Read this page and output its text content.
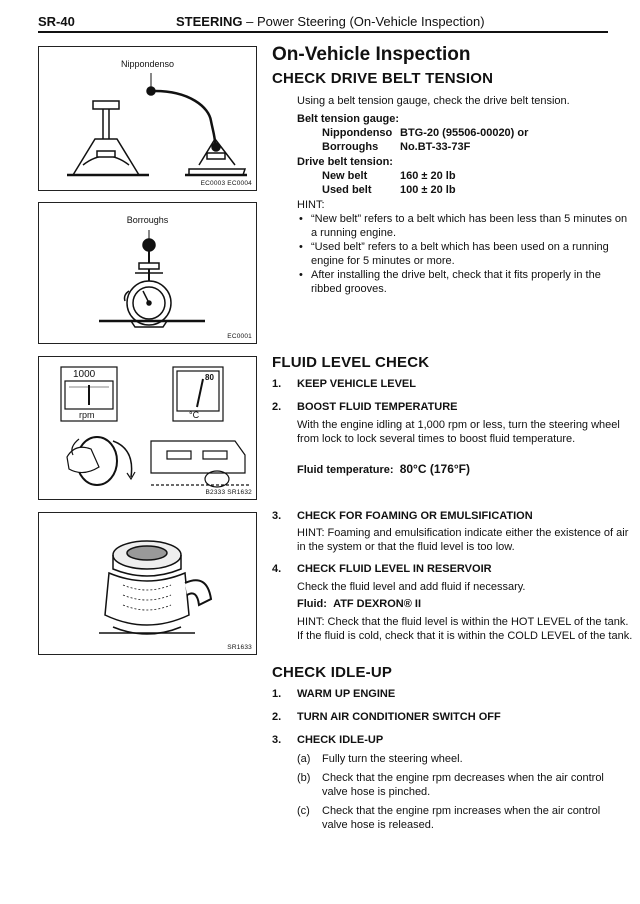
SR-40	STEERING – Power Steering (On-Vehicle Inspection)
Nippondenso
EC0003 EC0004
Borroughs
EC0001
1000
rpm
80
°C
B2333 SR1632
SR1633
On-Vehicle Inspection
CHECK DRIVE BELT TENSION
Using a belt tension gauge, check the drive belt tension.
Belt tension gauge:
Nippondenso	BTG-20 (95506-00020) or
Borroughs	No.BT-33-73F
Drive belt tension:
New belt	160 ± 20 lb
Used belt	100 ± 20 lb
HINT:
• “New belt” refers to a belt which has been less than 5 minutes on a running engine.
• “Used belt” refers to a belt which has been used on a running engine for 5 minutes or more.
• After installing the drive belt, check that it fits properly in the ribbed grooves.
FLUID LEVEL CHECK
1. KEEP VEHICLE LEVEL
2. BOOST FLUID TEMPERATURE
With the engine idling at 1,000 rpm or less, turn the steering wheel from lock to lock several times to boost fluid temperature.
Fluid temperature: 80°C (176°F)
3. CHECK FOR FOAMING OR EMULSIFICATION
HINT: Foaming and emulsification indicate either the existence of air in the system or that the fluid level is too low.
4. CHECK FLUID LEVEL IN RESERVOIR
Check the fluid level and add fluid if necessary.
Fluid: ATF DEXRON® II
HINT: Check that the fluid level is within the HOT LEVEL of the tank. If the fluid is cold, check that it is within the COLD LEVEL of the tank.
CHECK IDLE-UP
1. WARM UP ENGINE
2. TURN AIR CONDITIONER SWITCH OFF
3. CHECK IDLE-UP
(a) Fully turn the steering wheel.
(b) Check that the engine rpm decreases when the air control valve hose is pinched.
(c) Check that the engine rpm increases when the air control valve hose is released.
